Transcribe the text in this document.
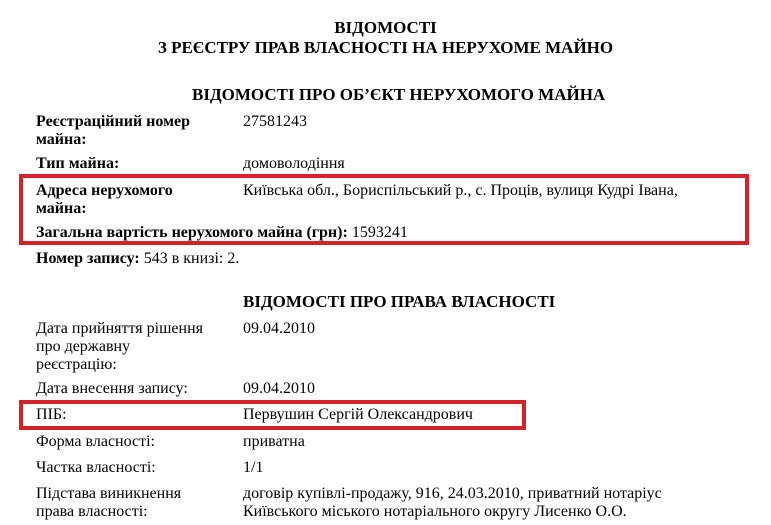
ВІДОМОСТІ
З РЕЄСТРУ ПРАВ ВЛАСНОСТІ НА НЕРУХОМЕ МАЙНО
ВІДОМОСТІ ПРО ОБ’ЄКТ НЕРУХОМОГО МАЙНА
Реєстраційний номер
майна:
27581243
Тип майна:	домоволодіння
Адреса нерухомого
майна:
Київська обл., Бориспільський р., с. Проців, вулиця Кудрі Івана,
Загальна вартість нерухомого майна (грн): 1593241
Номер запису: 543 в книзі: 2.
ВІДОМОСТІ ПРО ПРАВА ВЛАСНОСТІ
Дата прийняття рішення
про державну
реєстрацію:
09.04.2010
Дата внесення запису:	09.04.2010
ПІБ:	Первушин Сергій Олександрович
Форма власності:	приватна
Частка власності:	1/1
Підстава виникнення
права власності:
договір купівлі-продажу, 916, 24.03.2010, приватний нотаріус
Київського міського нотаріального округу Лисенко О.О.
